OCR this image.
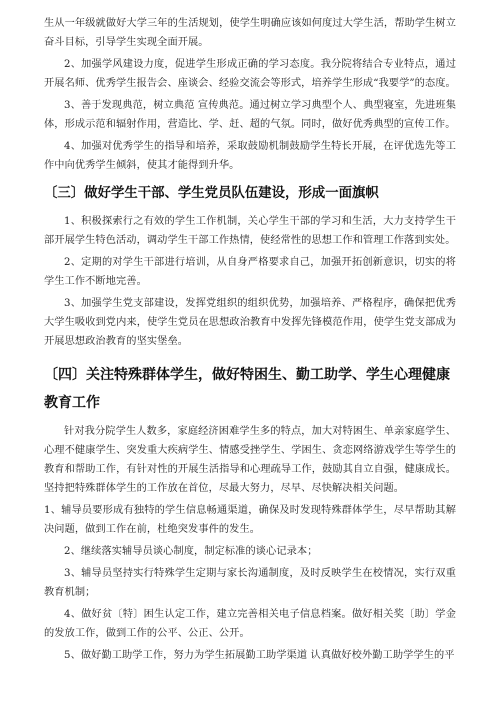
生从一年级就做好大学三年的生活规划，使学生明确应该如何度过大学生活，帮助学生树立奋斗目标，引导学生实现全面开展。

2、加强学风建设力度，促进学生形成正确的学习态度。我分院将结合专业特点，通过开展名师、优秀学生报告会、座谈会、经验交流会等形式，培养学生形成“我要学”的态度。

3、善于发现典范，树立典范 宣传典范。通过树立学习典型个人、典型寝室，先进班集体，形成示范和辐射作用，营造比、学、赶、超的气氛。同时，做好优秀典型的宣传工作。

4、加强对优秀学生的指导和培养，采取鼓励机制鼓励学生特长开展，在评优选先等工作中向优秀学生倾斜，使其才能得到升华。

〔三〕做好学生干部、学生党员队伍建设，形成一面旗帜

1、积极探索行之有效的学生工作机制，关心学生干部的学习和生活，大力支持学生干部开展学生特色活动，调动学生干部工作热情，使经常性的思想工作和管理工作落到实处。

2、定期的对学生干部进行培训，从自身严格要求自己，加强开拓创新意识，切实的将学生工作不断地完善。

3、加强学生党支部建设，发挥党组织的组织优势，加强培养、严格程序，确保把优秀大学生吸收到党内来，使学生党员在思想政治教育中发挥先锋模范作用，使学生党支部成为开展思想政治教育的坚实堡垒。

〔四〕关注特殊群体学生，做好特困生、勤工助学、学生心理健康教育工作

针对我分院学生人数多，家庭经济困难学生多的特点，加大对特困生、单亲家庭学生、心理不健康学生、突发重大疾病学生、情感受挫学生、学困生、贪恋网络游戏学生等学生的教育和帮助工作，有针对性的开展生活指导和心理疏导工作，鼓励其自立自强，健康成长。坚持把特殊群体学生的工作放在首位，尽最大努力，尽早、尽快解决相关问题。

1、辅导员要形成有独特的学生信息畅通渠道，确保及时发现特殊群体学生，尽早帮助其解决问题，做到工作在前，杜绝突发事件的发生。

2、继续落实辅导员谈心制度，制定标准的谈心记录本；

3、辅导员坚持实行特殊学生定期与家长沟通制度，及时反映学生在校情况，实行双重教育机制；

4、做好贫〔特〕困生认定工作，建立完善相关电子信息档案。做好相关奖〔助〕学金的发放工作，做到工作的公平、公正、公开。

5、做好勤工助学工作，努力为学生拓展勤工助学渠道 认真做好校外勤工助学学生的平
